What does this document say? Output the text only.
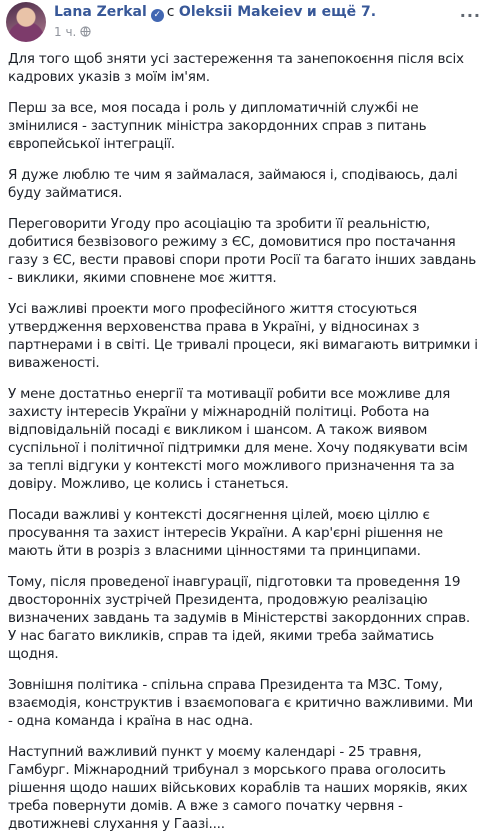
Lana Zerkal ✓ с Oleksii Makeiev и ещё 7.
1 ч.
···

Для того щоб зняти усі застереження та занепокоєння після всіх кадрових указів з моїм ім'ям.

Перш за все, моя посада і роль у дипломатичній службі не змінилися - заступник міністра закордонних справ з питань європейської інтеграції.

Я дуже люблю те чим я займалася, займаюся і, сподіваюсь, далі буду займатися.

Переговорити Угоду про асоціацію та зробити її реальністю, добитися безвізового режиму з ЄС, домовитися про постачання газу з ЄС, вести правові спори проти Росії та багато інших завдань - виклики, якими сповнене моє життя.

Усі важливі проекти мого професійного життя стосуються утвердження верховенства права в Україні, у відносинах з партнерами і в світі. Це тривалі процеси, які вимагають витримки і виваженості.

У мене достатньо енергії та мотивації робити все можливе для захисту інтересів України у міжнародній політиці. Робота на відповідальній посаді є викликом і шансом. А також виявом суспільної і політичної підтримки для мене. Хочу подякувати всім за теплі відгуки у контексті мого можливого призначення та за довіру. Можливо, це колись і станеться.

Посади важливі у контексті досягнення цілей, моєю ціллю є просування та захист інтересів України. А кар'єрні рішення не мають йти в розріз з власними цінностями та принципами.

Тому, після проведеної інавгурації, підготовки та проведення 19 двосторонніх зустрічей Президента, продовжую реалізацію визначених завдань та задумів в Міністерстві закордонних справ. У нас багато викликів, справ та ідей, якими треба займатись щодня.

Зовнішня політика - спільна справа Президента та МЗС. Тому, взаємодія, конструктив і взаємоповага є критично важливими. Ми - одна команда і країна в нас одна.

Наступний важливий пункт у моєму календарі - 25 травня, Гамбург. Міжнародний трибунал з морського права оголосить рішення щодо наших військових кораблів та наших моряків, яких треба повернути домів. А вже з самого початку червня - двотижневі слухання у Гаазі....
